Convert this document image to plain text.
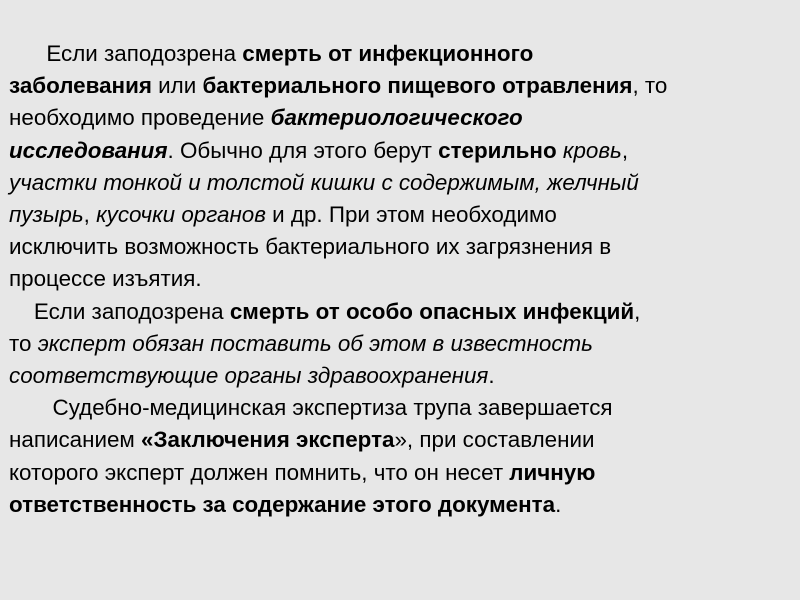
Если заподозрена смерть от инфекционного
заболевания или бактериального пищевого отравления, то
необходимо проведение бактериологического
исследования. Обычно для этого берут стерильно кровь,
участки тонкой и толстой кишки с содержимым, желчный
пузырь, кусочки органов и др. При этом необходимо
исключить возможность бактериального их загрязнения в
процессе изъятия.

Если заподозрена смерть от особо опасных инфекций,
то эксперт обязан поставить об этом в известность
соответствующие органы здравоохранения.

Судебно-медицинская экспертиза трупа завершается
написанием «Заключения эксперта», при составлении
которого эксперт должен помнить, что он несет личную
ответственность за содержание этого документа.
